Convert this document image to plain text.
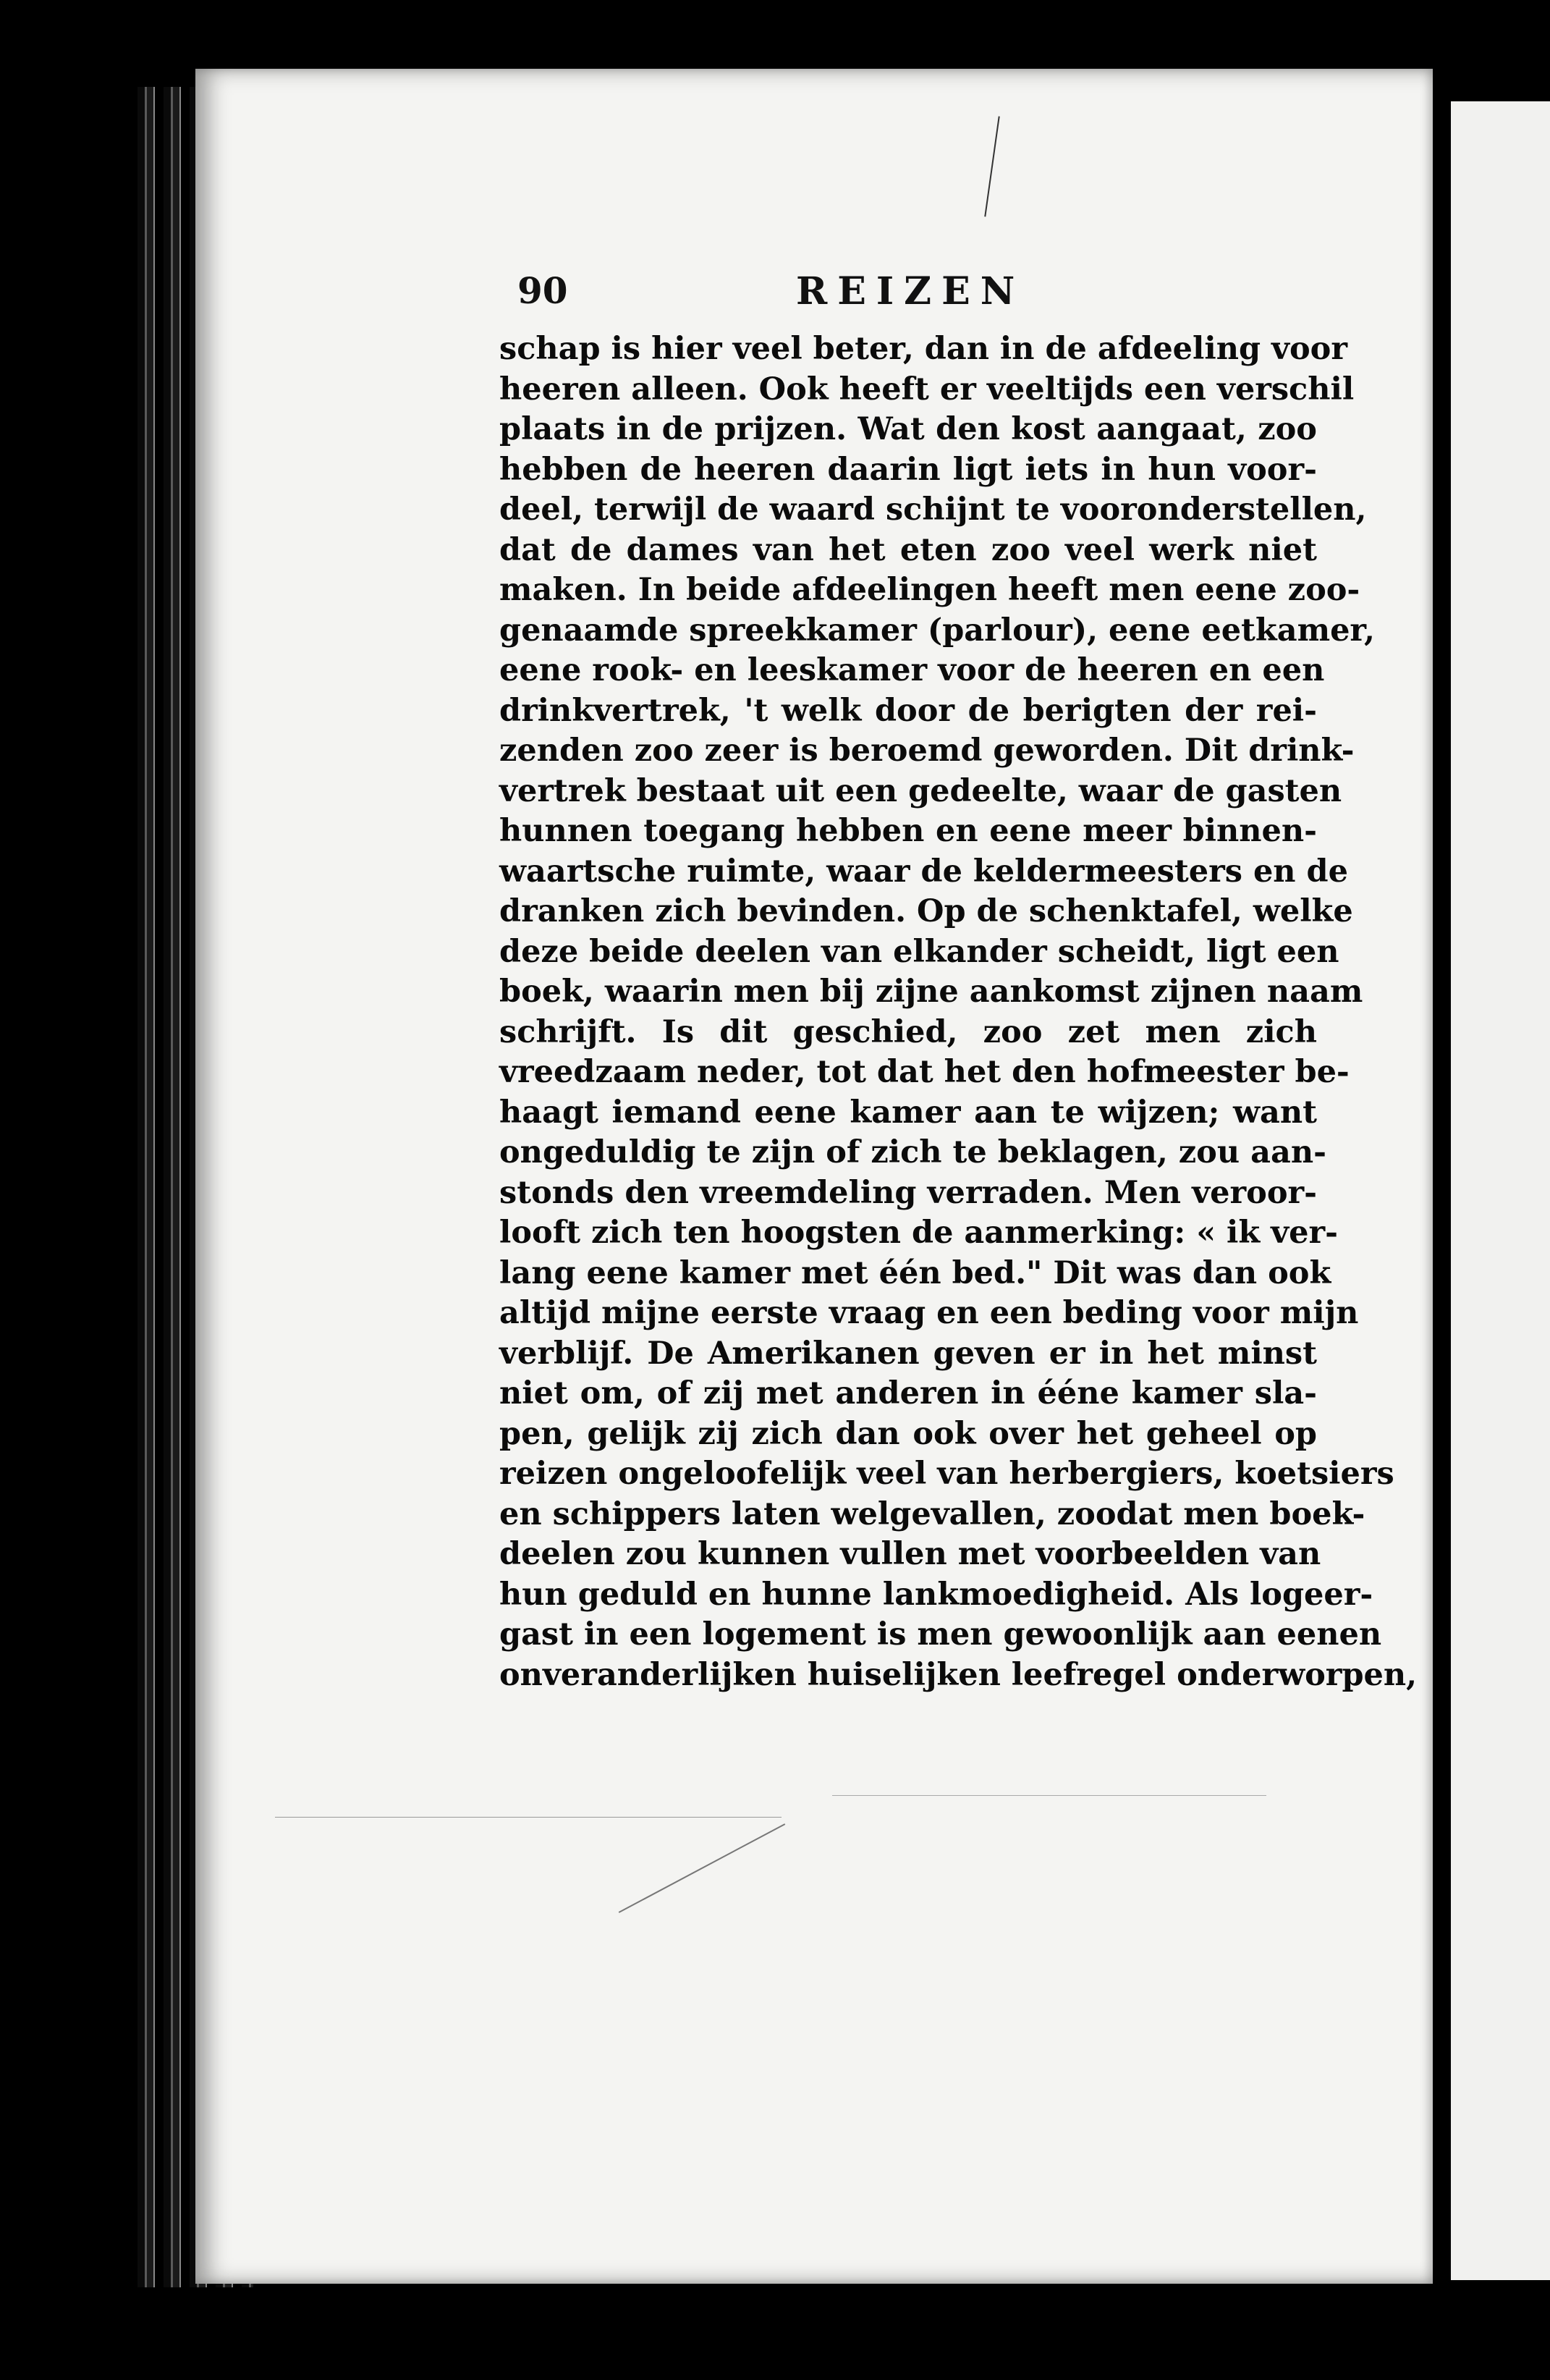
90	REIZEN
schap is hier veel beter, dan in de afdeeling voor
heeren alleen. Ook heeft er veeltijds een verschil
plaats in de prijzen. Wat den kost aangaat, zoo
hebben de heeren daarin ligt iets in hun voor-
deel, terwijl de waard schijnt te vooronderstellen,
dat de dames van het eten zoo veel werk niet
maken. In beide afdeelingen heeft men eene zoo-
genaamde spreekkamer (parlour), eene eetkamer,
eene rook- en leeskamer voor de heeren en een
drinkvertrek, 't welk door de berigten der rei-
zenden zoo zeer is beroemd geworden. Dit drink-
vertrek bestaat uit een gedeelte, waar de gasten
hunnen toegang hebben en eene meer binnen-
waartsche ruimte, waar de keldermeesters en de
dranken zich bevinden. Op de schenktafel, welke
deze beide deelen van elkander scheidt, ligt een
boek, waarin men bij zijne aankomst zijnen naam
schrijft. Is dit geschied, zoo zet men zich
vreedzaam neder, tot dat het den hofmeester be-
haagt iemand eene kamer aan te wijzen; want
ongeduldig te zijn of zich te beklagen, zou aan-
stonds den vreemdeling verraden. Men veroor-
looft zich ten hoogsten de aanmerking: « ik ver-
lang eene kamer met één bed." Dit was dan ook
altijd mijne eerste vraag en een beding voor mijn
verblijf. De Amerikanen geven er in het minst
niet om, of zij met anderen in ééne kamer sla-
pen, gelijk zij zich dan ook over het geheel op
reizen ongeloofelijk veel van herbergiers, koetsiers
en schippers laten welgevallen, zoodat men boek-
deelen zou kunnen vullen met voorbeelden van
hun geduld en hunne lankmoedigheid. Als logeer-
gast in een logement is men gewoonlijk aan eenen
onveranderlijken huiselijken leefregel onderworpen,
